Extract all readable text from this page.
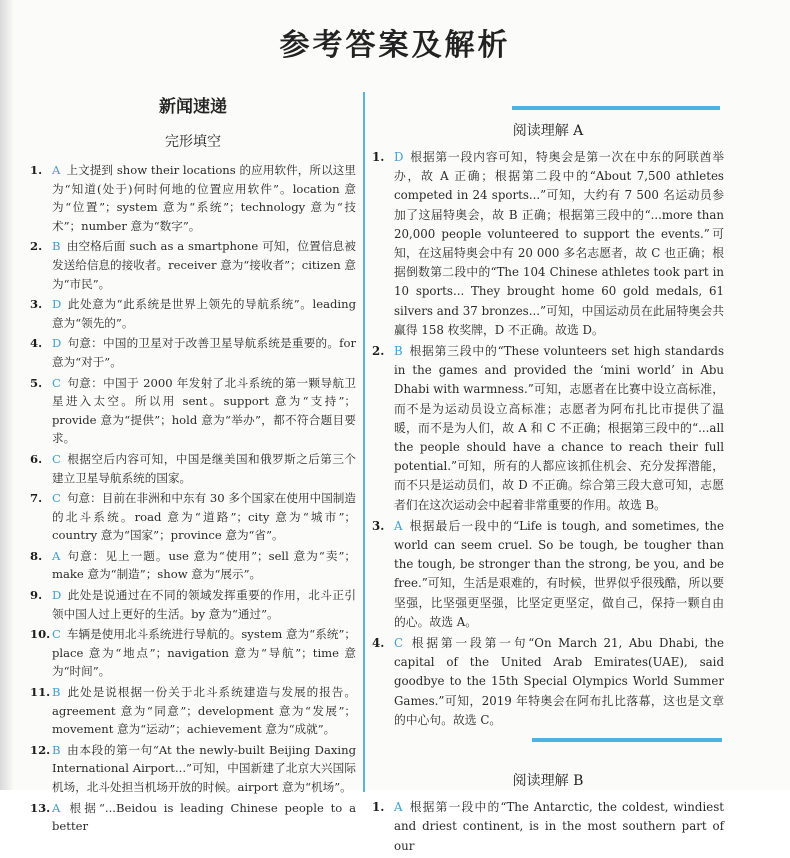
参考答案及解析
新闻速递
完形填空
1. A 上文提到 show their locations 的应用软件，所以这里为“知道(处于)何时何地的位置应用软件”。location 意为“位置”；system 意为“系统”；technology 意为“技术”；number 意为“数字”。
2. B 由空格后面 such as a smartphone 可知，位置信息被发送给信息的接收者。receiver 意为“接收者”；citizen 意为“市民”。
3. D 此处意为“此系统是世界上领先的导航系统”。leading 意为“领先的”。
4. D 句意：中国的卫星对于改善卫星导航系统是重要的。for 意为“对于”。
5. C 句意：中国于 2000 年发射了北斗系统的第一颗导航卫星进入太空。所以用 sent。support 意为“支持”；provide 意为“提供”；hold 意为“举办”，都不符合题目要求。
6. C 根据空后内容可知，中国是继美国和俄罗斯之后第三个建立卫星导航系统的国家。
7. C 句意：目前在非洲和中东有 30 多个国家在使用中国制造的北斗系统。road 意为“道路”；city 意为“城市”；country 意为“国家”；province 意为“省”。
8. A 句意：见上一题。use 意为“使用”；sell 意为“卖”；make 意为“制造”；show 意为“展示”。
9. D 此处是说通过在不同的领域发挥重要的作用，北斗正引领中国人过上更好的生活。by 意为“通过”。
10. C 车辆是使用北斗系统进行导航的。system 意为“系统”；place 意为“地点”；navigation 意为“导航”；time 意为“时间”。
11. B 此处是说根据一份关于北斗系统建造与发展的报告。agreement 意为“同意”；development 意为“发展”；movement 意为“运动”；achievement 意为“成就”。
12. B 由本段的第一句“At the newly-built Beijing Daxing International Airport...”可知，中国新建了北京大兴国际机场，北斗处担当机场开放的时候。airport 意为“机场”。
13. A 根据“...Beidou is leading Chinese people to a better
阅读理解 A
1. D 根据第一段内容可知，特奥会是第一次在中东的阿联酋举办，故 A 正确；根据第二段中的“About 7,500 athletes competed in 24 sports...”可知，大约有 7 500 名运动员参加了这届特奥会，故 B 正确；根据第三段中的“...more than 20,000 people volunteered to support the events.”可知，在这届特奥会中有 20 000 多名志愿者，故 C 也正确；根据倒数第二段中的“The 104 Chinese athletes took part in 10 sports... They brought home 60 gold medals, 61 silvers and 37 bronzes...”可知，中国运动员在此届特奥会共赢得 158 枚奖牌，D 不正确。故选 D。
2. B 根据第三段中的“These volunteers set high standards in the games and provided the ‘mini world’ in Abu Dhabi with warmness.”可知，志愿者在比赛中设立高标准，而不是为运动员设立高标准；志愿者为阿布扎比市提供了温暖，而不是为人们，故 A 和 C 不正确；根据第三段中的“...all the people should have a chance to reach their full potential.”可知，所有的人都应该抓住机会、充分发挥潜能，而不只是运动员们，故 D 不正确。综合第三段大意可知，志愿者们在这次运动会中起着非常重要的作用。故选 B。
3. A 根据最后一段中的“Life is tough, and sometimes, the world can seem cruel. So be tough, be tougher than the tough, be stronger than the strong, be you, and be free.”可知，生活是艰难的，有时候，世界似乎很残酷，所以要坚强，比坚强更坚强，比坚定更坚定，做自己，保持一颗自由的心。故选 A。
4. C 根据第一段第一句“On March 21, Abu Dhabi, the capital of the United Arab Emirates(UAE), said goodbye to the 15th Special Olympics World Summer Games.”可知，2019 年特奥会在阿布扎比落幕，这也是文章的中心句。故选 C。
阅读理解 B
1. A 根据第一段中的“The Antarctic, the coldest, windiest and driest continent, is in the most southern part of our
